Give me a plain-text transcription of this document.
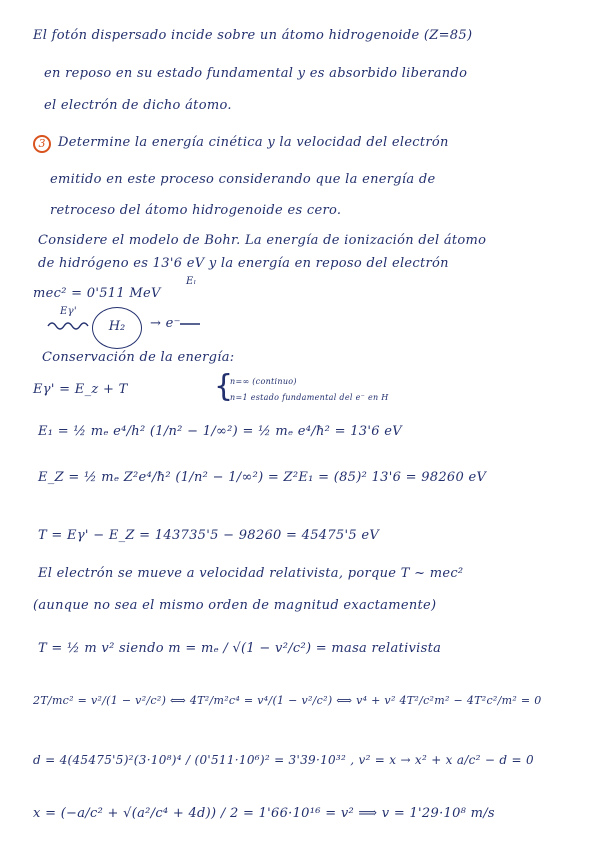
El fotón dispersado incide sobre un átomo hidrogenoide (Z=85)
en reposo en su estado fundamental y es absorbido liberando
el electrón de dicho átomo.
3 Determine la energía cinética y la velocidad del electrón
emitido en este proceso considerando que la energía de
retroceso del átomo hidrogenoide es cero.
Considere el modelo de Bohr. La energía de ionización del átomo
de hidrógeno es 13'6 eV y la energía en reposo del electrón
Eₗ
mec² = 0'511 MeV
Eγ'
H₂	→ e⁻
Conservación de la energía:
Eγ' = E_z + T	{
n=∞ (continuo)
n=1 estado fundamental del e⁻ en H
E₁ = ½ mₑ e⁴/h² (1/n² − 1/∞²) = ½ mₑ e⁴/ħ² = 13'6 eV
E_Z = ½ mₑ Z²e⁴/ħ² (1/n² − 1/∞²) = Z²E₁ = (85)² 13'6 = 98260 eV
T = Eγ' − E_Z = 143735'5 − 98260 = 45475'5 eV
El electrón se mueve a velocidad relativista, porque T ~ mec²
(aunque no sea el mismo orden de magnitud exactamente)
T = ½ m v² siendo m = mₑ / √(1 − v²/c²) = masa relativista
2T/mc² = v²/(1 − v²/c²) ⟺ 4T²/m²c⁴ = v⁴/(1 − v²/c²) ⟺ v⁴ + v² 4T²/c²m² − 4T²c²/m² = 0
d = 4(45475'5)²(3·10⁸)⁴ / (0'511·10⁶)² = 3'39·10³² , v² = x → x² + x a/c² − d = 0
x = (−a/c² + √(a²/c⁴ + 4d)) / 2 = 1'66·10¹⁶ = v² ⟹ v = 1'29·10⁸ m/s
